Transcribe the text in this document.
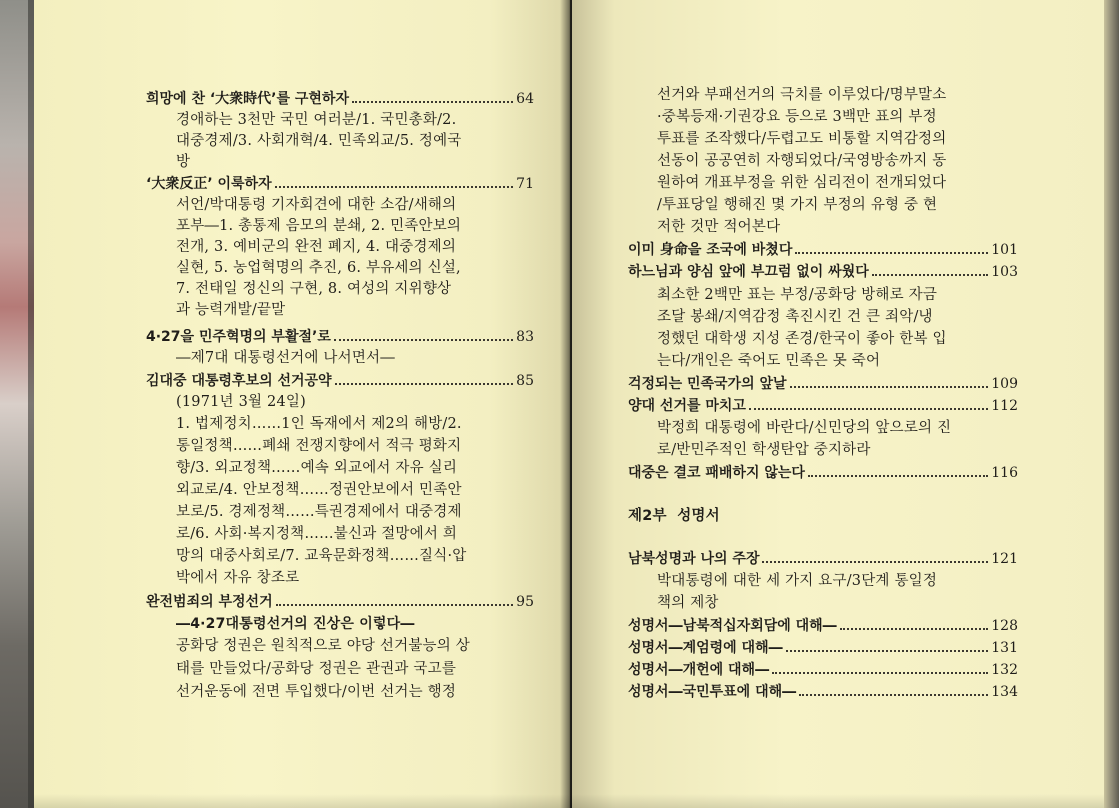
희망에 찬 ‘大衆時代’를 구현하자	64
경애하는 3천만 국민 여러분/1. 국민총화/2.
대중경제/3. 사회개혁/4. 민족외교/5. 정예국
방
‘大衆反正’ 이룩하자	71
서언/박대통령 기자회견에 대한 소감/새해의
포부―1. 총통제 음모의 분쇄, 2. 민족안보의
전개, 3. 예비군의 완전 폐지, 4. 대중경제의
실현, 5. 농업혁명의 추진, 6. 부유세의 신설,
7. 전태일 정신의 구현, 8. 여성의 지위향상
과 능력개발/끝말
4·27을 민주혁명의 부활절’로	83
―제7대 대통령선거에 나서면서―
김대중 대통령후보의 선거공약	85
(1971년 3월 24일)
1. 법제정치……1인 독재에서 제2의 해방/2.
통일정책……폐쇄 전쟁지향에서 적극 평화지
향/3. 외교정책……예속 외교에서 자유 실리
외교로/4. 안보정책……정권안보에서 민족안
보로/5. 경제정책……특권경제에서 대중경제
로/6. 사회·복지정책……불신과 절망에서 희
망의 대중사회로/7. 교육문화정책……질식·압
박에서 자유 창조로
완전범죄의 부정선거	95
―4·27대통령선거의 진상은 이렇다―
공화당 정권은 원칙적으로 야당 선거불능의 상
태를 만들었다/공화당 정권은 관권과 국고를
선거운동에 전면 투입했다/이번 선거는 행정
선거와 부패선거의 극치를 이루었다/명부말소
·중복등재·기권강요 등으로 3백만 표의 부정
투표를 조작했다/두렵고도 비통할 지역감정의
선동이 공공연히 자행되었다/국영방송까지 동
원하여 개표부정을 위한 심리전이 전개되었다
/투표당일 행해진 몇 가지 부정의 유형 중 현
저한 것만 적어본다
이미 身命을 조국에 바쳤다	101
하느님과 양심 앞에 부끄럼 없이 싸웠다	103
최소한 2백만 표는 부정/공화당 방해로 자금
조달 봉쇄/지역감정 촉진시킨 건 큰 죄악/냉
정했던 대학생 지성 존경/한국이 좋아 한복 입
는다/개인은 죽어도 민족은 못 죽어
걱정되는 민족국가의 앞날	109
양대 선거를 마치고	112
박정희 대통령에 바란다/신민당의 앞으로의 진
로/반민주적인 학생탄압 중지하라
대중은 결코 패배하지 않는다	116
제2부  성명서
남북성명과 나의 주장	121
박대통령에 대한 세 가지 요구/3단계 통일정
책의 제창
성명서―남북적십자회담에 대해―	128
성명서―계엄령에 대해―	131
성명서―개헌에 대해―	132
성명서―국민투표에 대해―	134
